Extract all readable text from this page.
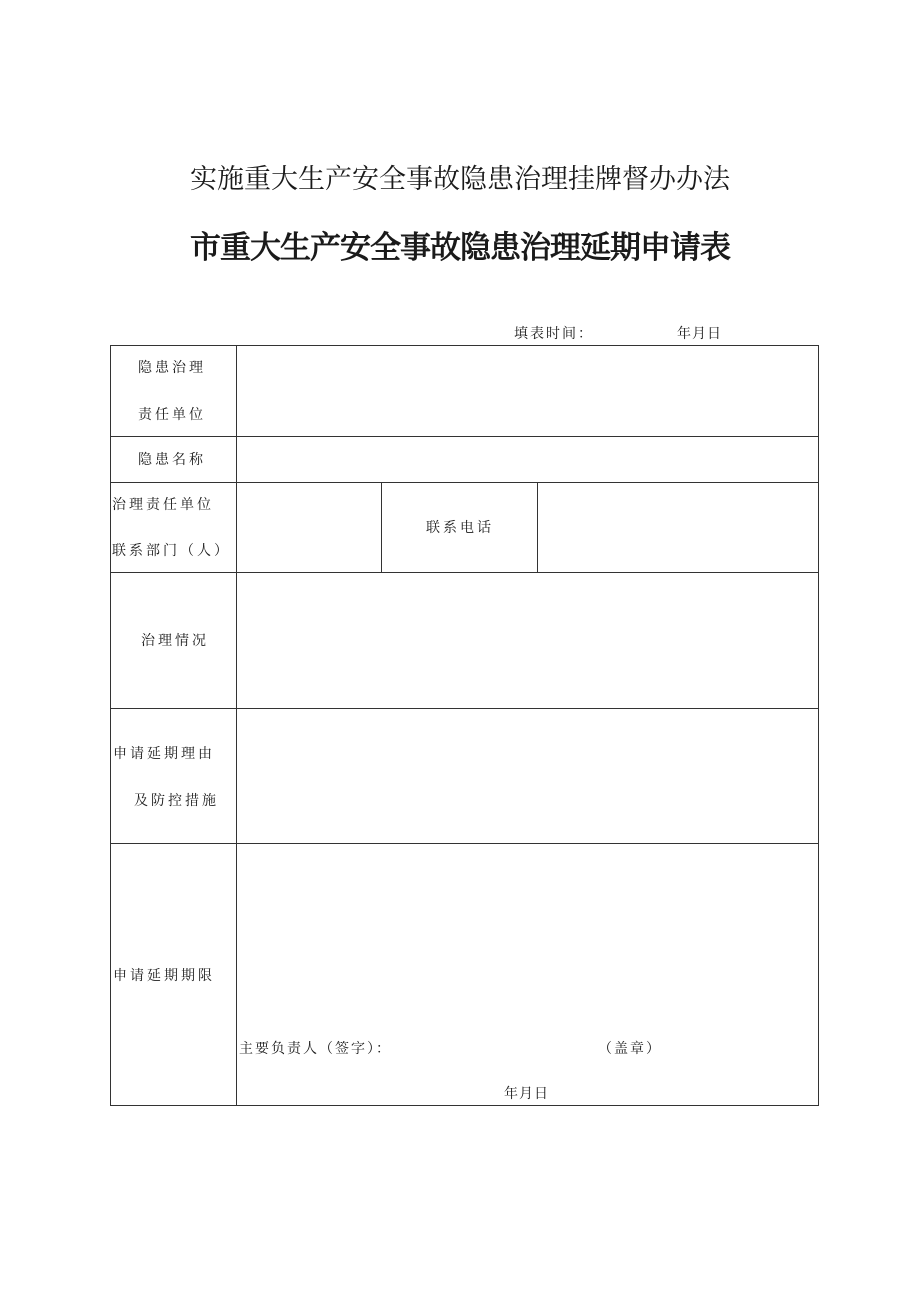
实施重大生产安全事故隐患治理挂牌督办办法
市重大生产安全事故隐患治理延期申请表
填表时间：	年月日
隐患治理
责任单位
隐患名称
治理责任单位
联系部门（人）
联系电话
治理情况
申请延期理由
及防控措施
申请延期期限
主要负责人（签字）：	（盖章）
年月日
